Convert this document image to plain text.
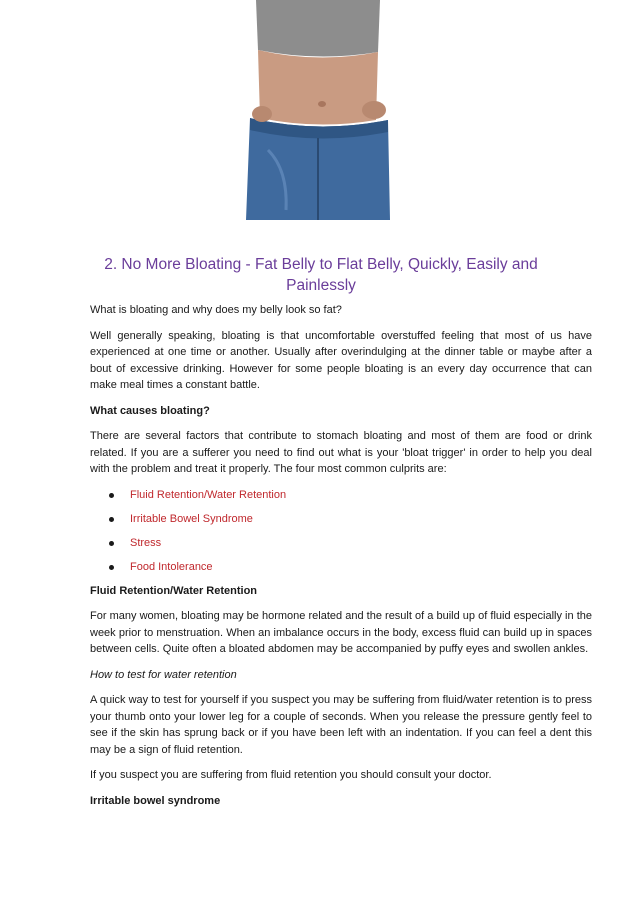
2. No More Bloating - Fat Belly to Flat Belly, Quickly, Easily and Painlessly

What is bloating and why does my belly look so fat?

Well generally speaking, bloating is that uncomfortable overstuffed feeling that most of us have experienced at one time or another. Usually after overindulging at the dinner table or maybe after a bout of excessive drinking. However for some people bloating is an every day occurrence that can make meal times a constant battle.

What causes bloating?

There are several factors that contribute to stomach bloating and most of them are food or drink related. If you are a sufferer you need to find out what is your 'bloat trigger' in order to help you deal with the problem and treat it properly. The four most common culprits are:

Fluid Retention/Water Retention
Irritable Bowel Syndrome
Stress
Food Intolerance

Fluid Retention/Water Retention

For many women, bloating may be hormone related and the result of a build up of fluid especially in the week prior to menstruation. When an imbalance occurs in the body, excess fluid can build up in spaces between cells. Quite often a bloated abdomen may be accompanied by puffy eyes and swollen ankles.

How to test for water retention

A quick way to test for yourself if you suspect you may be suffering from fluid/water retention is to press your thumb onto your lower leg for a couple of seconds. When you release the pressure gently feel to see if the skin has sprung back or if you have been left with an indentation. If you can feel a dent this may be a sign of fluid retention.

If you suspect you are suffering from fluid retention you should consult your doctor.

Irritable bowel syndrome
